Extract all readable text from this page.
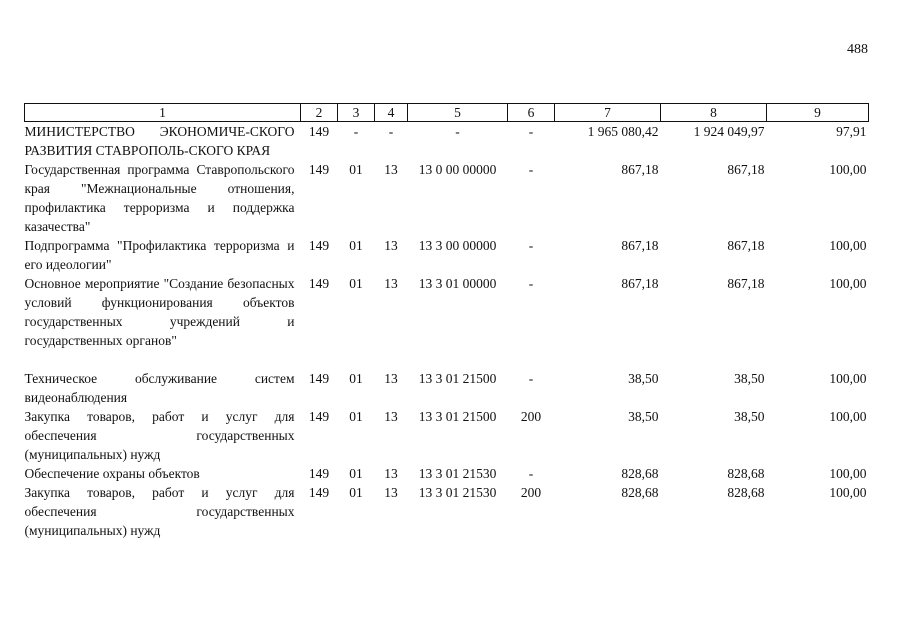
488
1	2	3	4	5	6	7	8	9
МИНИСТЕРСТВО ЭКОНОМИЧЕ-СКОГО РАЗВИТИЯ СТАВРОПОЛЬ-СКОГО КРАЯ	149	-	-	-	-	1 965 080,42	1 924 049,97	97,91
Государственная программа Ставропольского края "Межнациональные отношения, профилактика терроризма и поддержка казачества"	149	01	13	13 0 00 00000	-	867,18	867,18	100,00
Подпрограмма "Профилактика терроризма и его идеологии"	149	01	13	13 3 00 00000	-	867,18	867,18	100,00
Основное мероприятие "Создание безопасных условий функционирования объектов государственных учреждений и государственных органов"	149	01	13	13 3 01 00000	-	867,18	867,18	100,00

Техническое обслуживание систем видеонаблюдения	149	01	13	13 3 01 21500	-	38,50	38,50	100,00
Закупка товаров, работ и услуг для обеспечения государственных (муниципальных) нужд	149	01	13	13 3 01 21500	200	38,50	38,50	100,00
Обеспечение охраны объектов	149	01	13	13 3 01 21530	-	828,68	828,68	100,00
Закупка товаров, работ и услуг для обеспечения государственных (муниципальных) нужд	149	01	13	13 3 01 21530	200	828,68	828,68	100,00
